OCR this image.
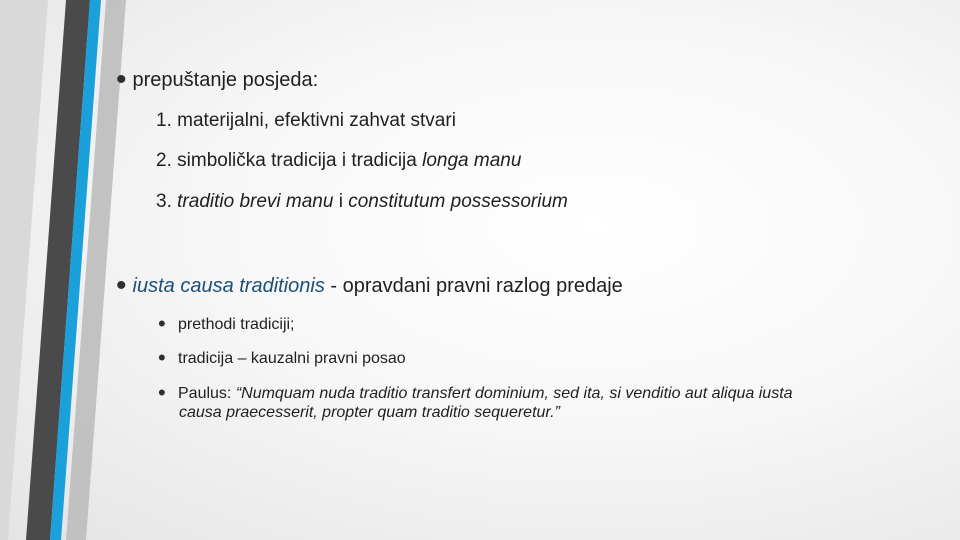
•prepuštanje posjeda:
1. materijalni, efektivni zahvat stvari
2. simbolička tradicija i tradicija longa manu
3. traditio brevi manu i constitutum possessorium
•iusta causa traditionis - opravdani pravni razlog predaje
•prethodi tradiciji;
•tradicija – kauzalni pravni posao
•Paulus: “Numquam nuda traditio transfert dominium, sed ita, si venditio aut aliqua iusta
causa praecesserit, propter quam traditio sequeretur.”
